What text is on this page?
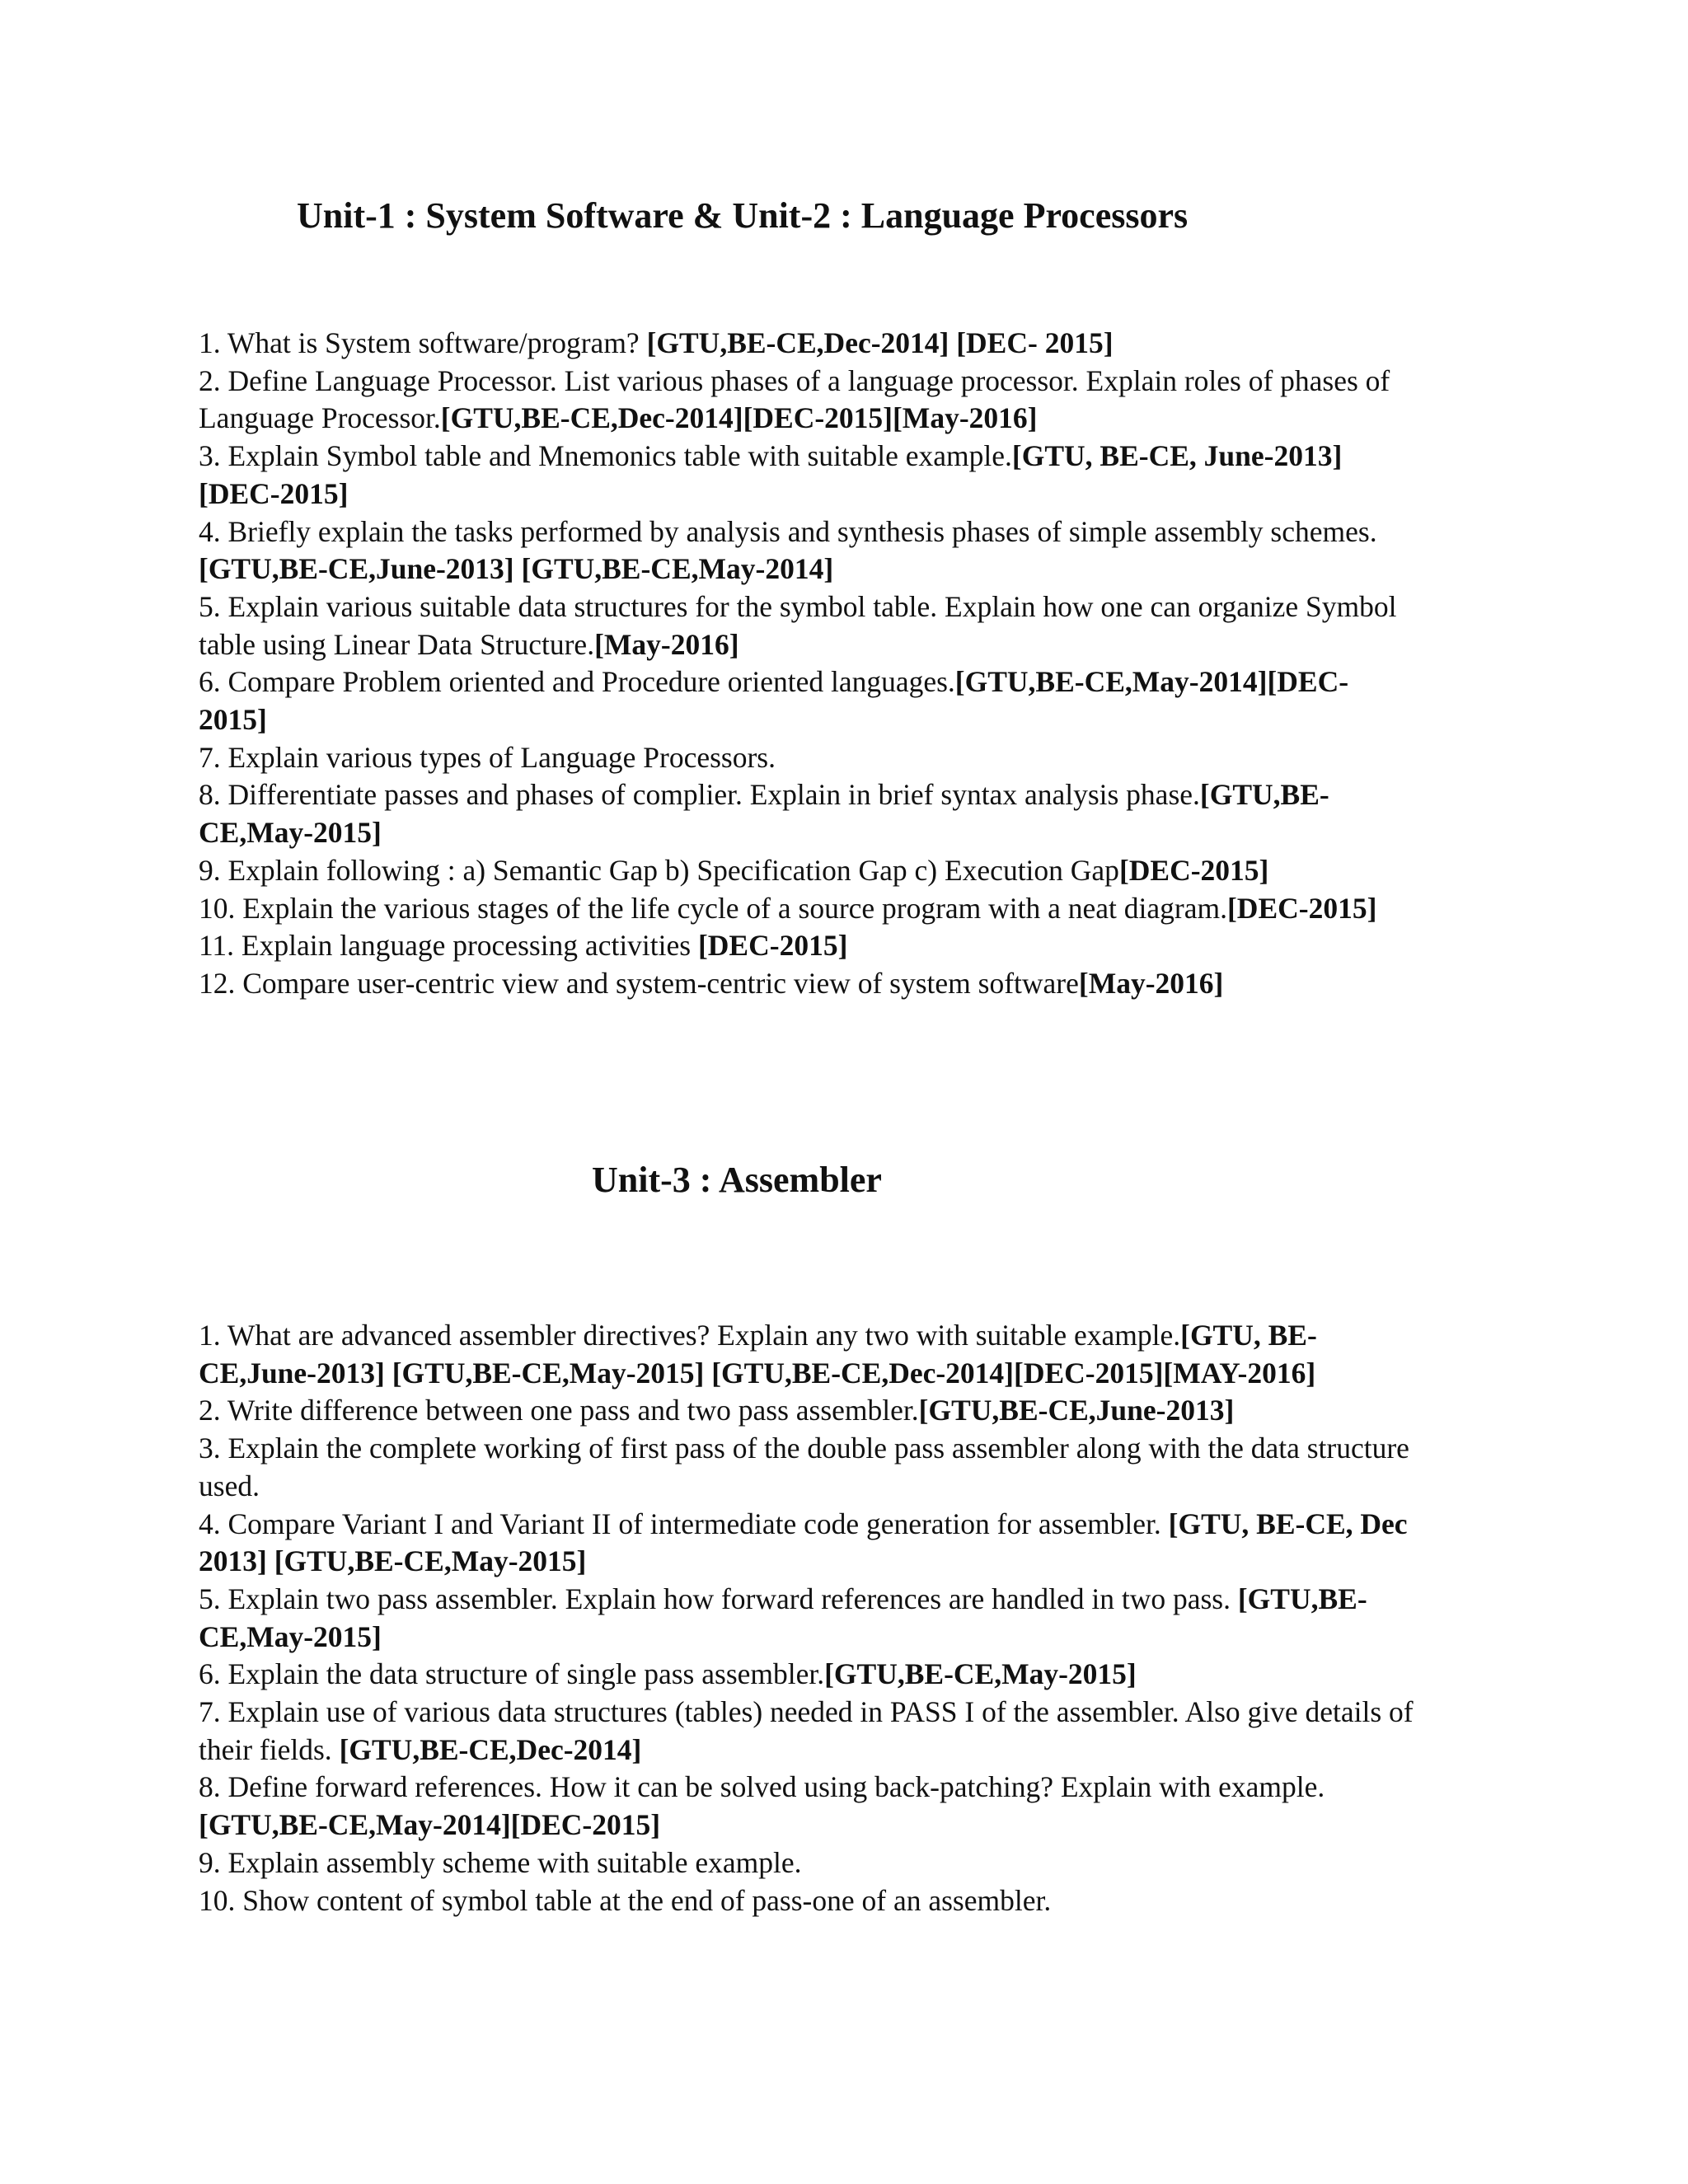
Unit-1 : System Software & Unit-2 : Language Processors
1. What is System software/program? [GTU,BE-CE,Dec-2014] [DEC- 2015]
2. Define Language Processor. List various phases of a language processor. Explain roles of phases of Language Processor.[GTU,BE-CE,Dec-2014][DEC-2015][May-2016]
3. Explain Symbol table and Mnemonics table with suitable example.[GTU, BE-CE, June-2013][DEC-2015]
4. Briefly explain the tasks performed by analysis and synthesis phases of simple assembly schemes.[GTU,BE-CE,June-2013] [GTU,BE-CE,May-2014]
5. Explain various suitable data structures for the symbol table. Explain how one can organize Symbol table using Linear Data Structure.[May-2016]
6. Compare Problem oriented and Procedure oriented languages.[GTU,BE-CE,May-2014][DEC- 2015]
7. Explain various types of Language Processors.
8. Differentiate passes and phases of complier. Explain in brief syntax analysis phase.[GTU,BE-CE,May-2015]
9. Explain following : a) Semantic Gap b) Specification Gap c) Execution Gap[DEC-2015]
10. Explain the various stages of the life cycle of a source program with a neat diagram.[DEC-2015]
11. Explain language processing activities [DEC-2015]
12. Compare user-centric view and system-centric view of system software[May-2016]
Unit-3 : Assembler
1. What are advanced assembler directives? Explain any two with suitable example.[GTU, BE-CE,June-2013] [GTU,BE-CE,May-2015] [GTU,BE-CE,Dec-2014][DEC-2015][MAY-2016]
2. Write difference between one pass and two pass assembler.[GTU,BE-CE,June-2013]
3. Explain the complete working of first pass of the double pass assembler along with the data structure used.
4. Compare Variant I and Variant II of intermediate code generation for assembler. [GTU, BE-CE, Dec 2013] [GTU,BE-CE,May-2015]
5. Explain two pass assembler. Explain how forward references are handled in two pass. [GTU,BE-CE,May-2015]
6. Explain the data structure of single pass assembler.[GTU,BE-CE,May-2015]
7. Explain use of various data structures (tables) needed in PASS I of the assembler. Also give details of their fields. [GTU,BE-CE,Dec-2014]
8. Define forward references. How it can be solved using back-patching? Explain with example. [GTU,BE-CE,May-2014][DEC-2015]
9. Explain assembly scheme with suitable example.
10. Show content of symbol table at the end of pass-one of an assembler.
